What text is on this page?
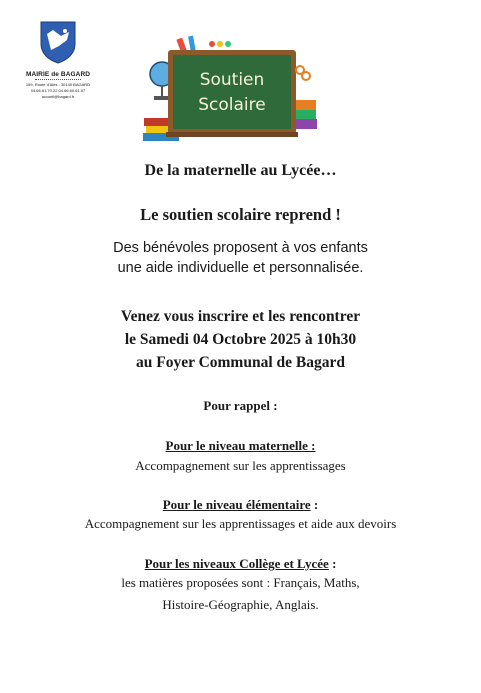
MAIRIE de BAGARD
159, Route d'Alès - 30140 BAGARD
04.66.61.70.22 04.66.60.61.97
accueil@bagard.fr
Soutien
Scolaire
De la maternelle au Lycée…
Le soutien scolaire reprend !
Des bénévoles proposent à vos enfants
une aide individuelle et personnalisée.
Venez vous inscrire et les rencontrer
le Samedi 04 Octobre 2025 à 10h30
au Foyer Communal de Bagard
Pour rappel :
Pour le niveau maternelle :
Accompagnement sur les apprentissages
Pour le niveau élémentaire :
Accompagnement sur les apprentissages et aide aux devoirs
Pour les niveaux Collège et Lycée :
les matières proposées sont : Français, Maths,
Histoire-Géographie, Anglais.
